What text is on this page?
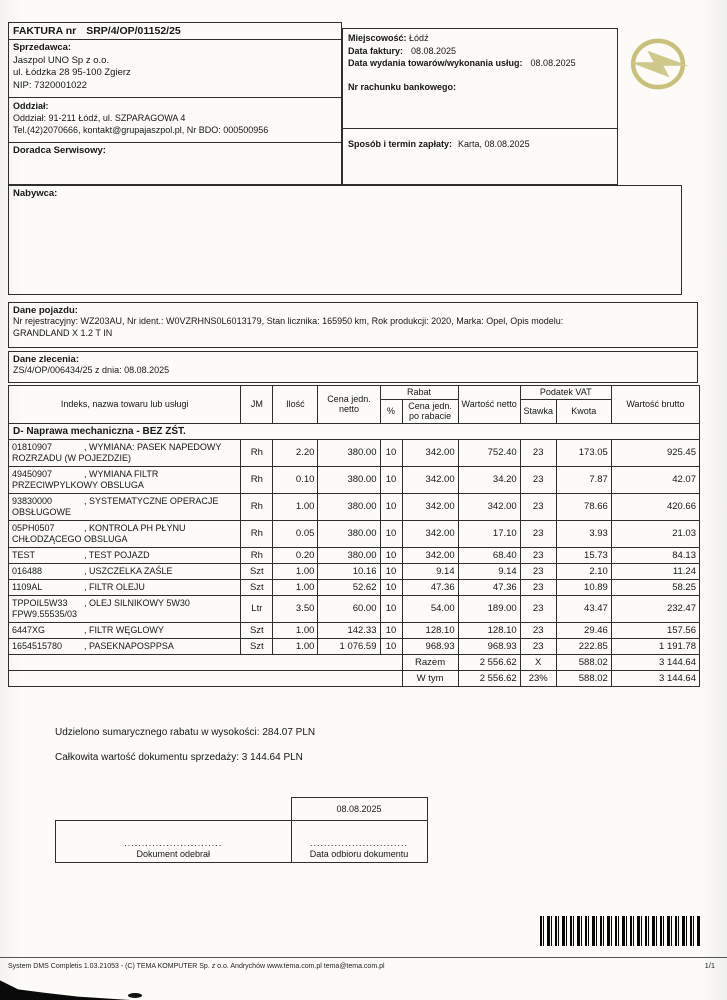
FAKTURA nr SRP/4/OP/01152/25
Sprzedawca:
Jaszpol UNO Sp z o.o.
ul. Łódzka 28 95-100 Zgierz
NIP: 7320001022
Oddział:
Oddział: 91-211 Łódź, ul. SZPARAGOWA 4
Tel.(42)2070666, kontakt@grupajaszpol.pl, Nr BDO: 000500956
Doradca Serwisowy:
Miejscowość: Łódź
Data faktury: 08.08.2025
Data wydania towarów/wykonania usług: 08.08.2025
Nr rachunku bankowego:
Sposób i termin zapłaty: Karta, 08.08.2025
Nabywca:
Dane pojazdu:
Nr rejestracyjny: WZ203AU, Nr ident.: W0VZRHNS0L6013179, Stan licznika: 165950 km, Rok produkcji: 2020, Marka: Opel, Opis modelu:
GRANDLAND X 1.2 T IN
Dane zlecenia:
ZS/4/OP/006434/25 z dnia: 08.08.2025
Indeks, nazwa towaru lub usługi	JM	Ilość	Cena jedn. netto	Rabat		Wartość netto	Podatek VAT		Wartość brutto
				%	Cena jedn. po rabacie		Stawka	Kwota	
D- Naprawa mechaniczna - BEZ ZŚT.									
01810907 , WYMIANA: PASEK NAPEDOWY ROZRZADU (W POJEZDZIE)	Rh	2.20	380.00	10	342.00	752.40	23	173.05	925.45
49450907 , WYMIANA FILTR PRZECIWPYLKOWY OBSLUGA	Rh	0.10	380.00	10	342.00	34.20	23	7.87	42.07
93830000 , SYSTEMATYCZNE OPERACJE OBSŁUGOWE	Rh	1.00	380.00	10	342.00	342.00	23	78.66	420.66
05PH0507 , KONTROLA PH PŁYNU CHŁODZĄCEGO OBSLUGA	Rh	0.05	380.00	10	342.00	17.10	23	3.93	21.03
TEST , TEST POJAZD	Rh	0.20	380.00	10	342.00	68.40	23	15.73	84.13
016488 , USZCZELKA ZAŚLE	Szt	1.00	10.16	10	9.14	9.14	23	2.10	11.24
1109AL , FILTR OLEJU	Szt	1.00	52.62	10	47.36	47.36	23	10.89	58.25
TPPOIL5W33 , OLEJ SILNIKOWY 5W30
FPW9.55535/03	Ltr	3.50	60.00	10	54.00	189.00	23	43.47	232.47
6447XG , FILTR WĘGLOWY	Szt	1.00	142.33	10	128.10	128.10	23	29.46	157.56
1654515780 , PASEKNAPOSPPSA	Szt	1.00	1 076.59	10	968.93	968.93	23	222.85	1 191.78
					Razem	2 556.62	X	588.02	3 144.64
					W tym	2 556.62	23%	588.02	3 144.64
Udzielono sumarycznego rabatu w wysokości: 284.07 PLN
Całkowita wartość dokumentu sprzedaży: 3 144.64 PLN
	08.08.2025

............................
Dokument odebrał

............................
Data odbioru dokumentu
System DMS Completis 1.03.21053 - (C) TEMA KOMPUTER Sp. z o.o. Andrychów www.tema.com.pl tema@tema.com.pl	1/1
